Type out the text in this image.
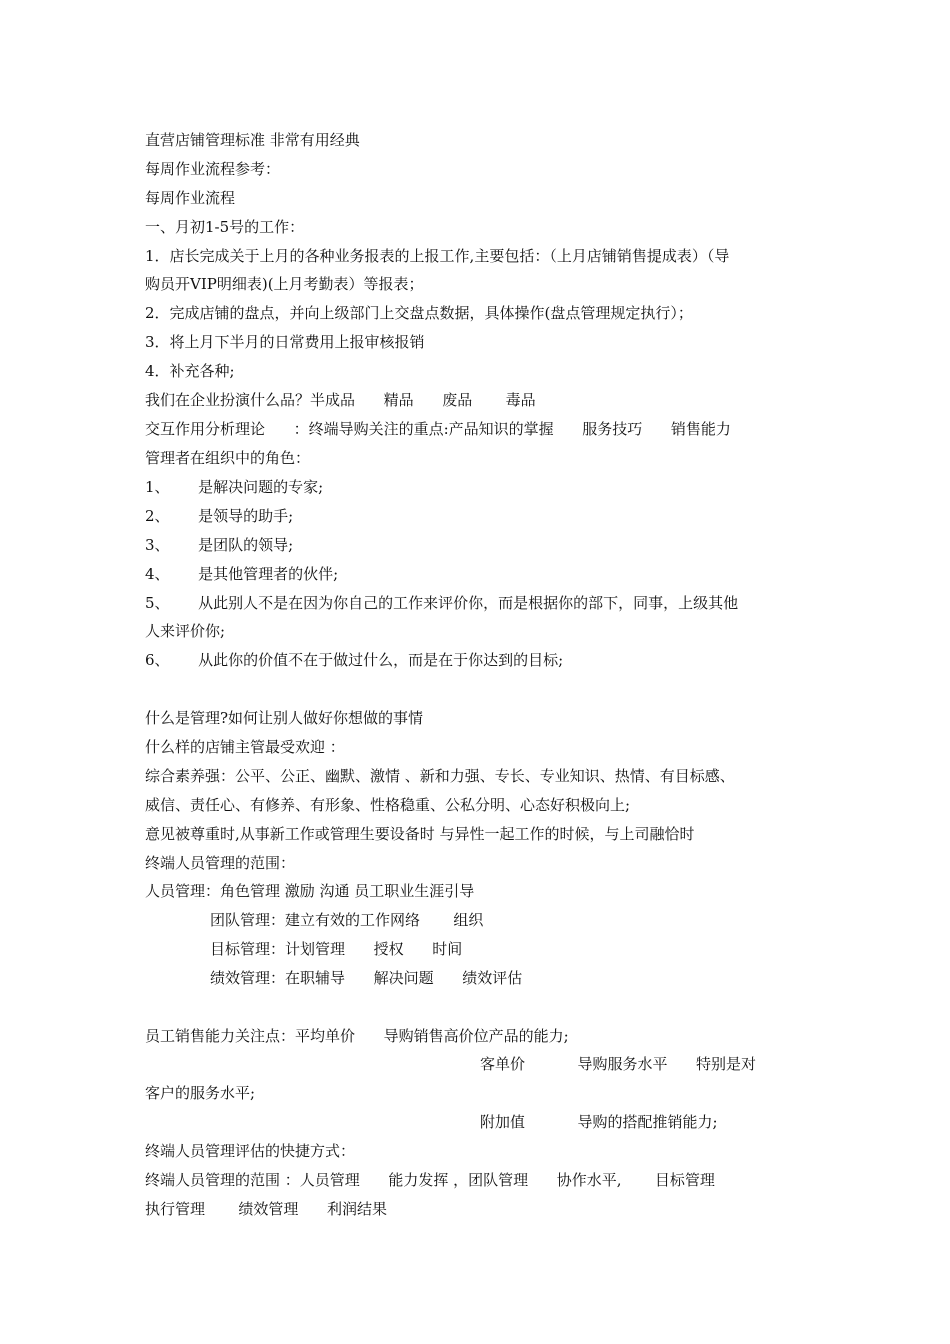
直营店铺管理标准 非常有用经典
每周作业流程参考：
每周作业流程
一、月初1-5号的工作：
1．店长完成关于上月的各种业务报表的上报工作,主要包括：（上月店铺销售提成表）（导
购员开VIP明细表)(上月考勤表）等报表；
2．完成店铺的盘点，并向上级部门上交盘点数据，具体操作(盘点管理规定执行）；
3．将上月下半月的日常费用上报审核报销
4．补充各种;
我们在企业扮演什么品？半成品      精品      废品       毒品
交互作用分析理论      ：终端导购关注的重点:产品知识的掌握      服务技巧      销售能力
管理者在组织中的角色：
1、      是解决问题的专家;
2、      是领导的助手;
3、      是团队的领导;
4、      是其他管理者的伙伴;
5、      从此别人不是在因为你自己的工作来评价你，而是根据你的部下，同事，上级其他
人来评价你;
6、      从此你的价值不在于做过什么，而是在于你达到的目标;
什么是管理?如何让别人做好你想做的事情
什么样的店铺主管最受欢迎 ：
综合素养强：公平、公正、幽默、激情 、新和力强、专长、专业知识、热情、有目标感、
威信、责任心、有修养、有形象、性格稳重、公私分明、心态好积极向上;
意见被尊重时,从事新工作或管理生要设备时 与异性一起工作的时候，与上司融恰时
终端人员管理的范围：
人员管理：角色管理 激励 沟通 员工职业生涯引导
团队管理：建立有效的工作网络       组织
目标管理：计划管理      授权      时间
绩效管理：在职辅导      解决问题      绩效评估
员工销售能力关注点：平均单价      导购销售高价位产品的能力;
客单价           导购服务水平      特别是对
客户的服务水平;
附加值           导购的搭配推销能力;
终端人员管理评估的快捷方式：
终端人员管理的范围 ：人员管理      能力发挥 ，团队管理      协作水平,       目标管理
执行管理       绩效管理      利润结果
